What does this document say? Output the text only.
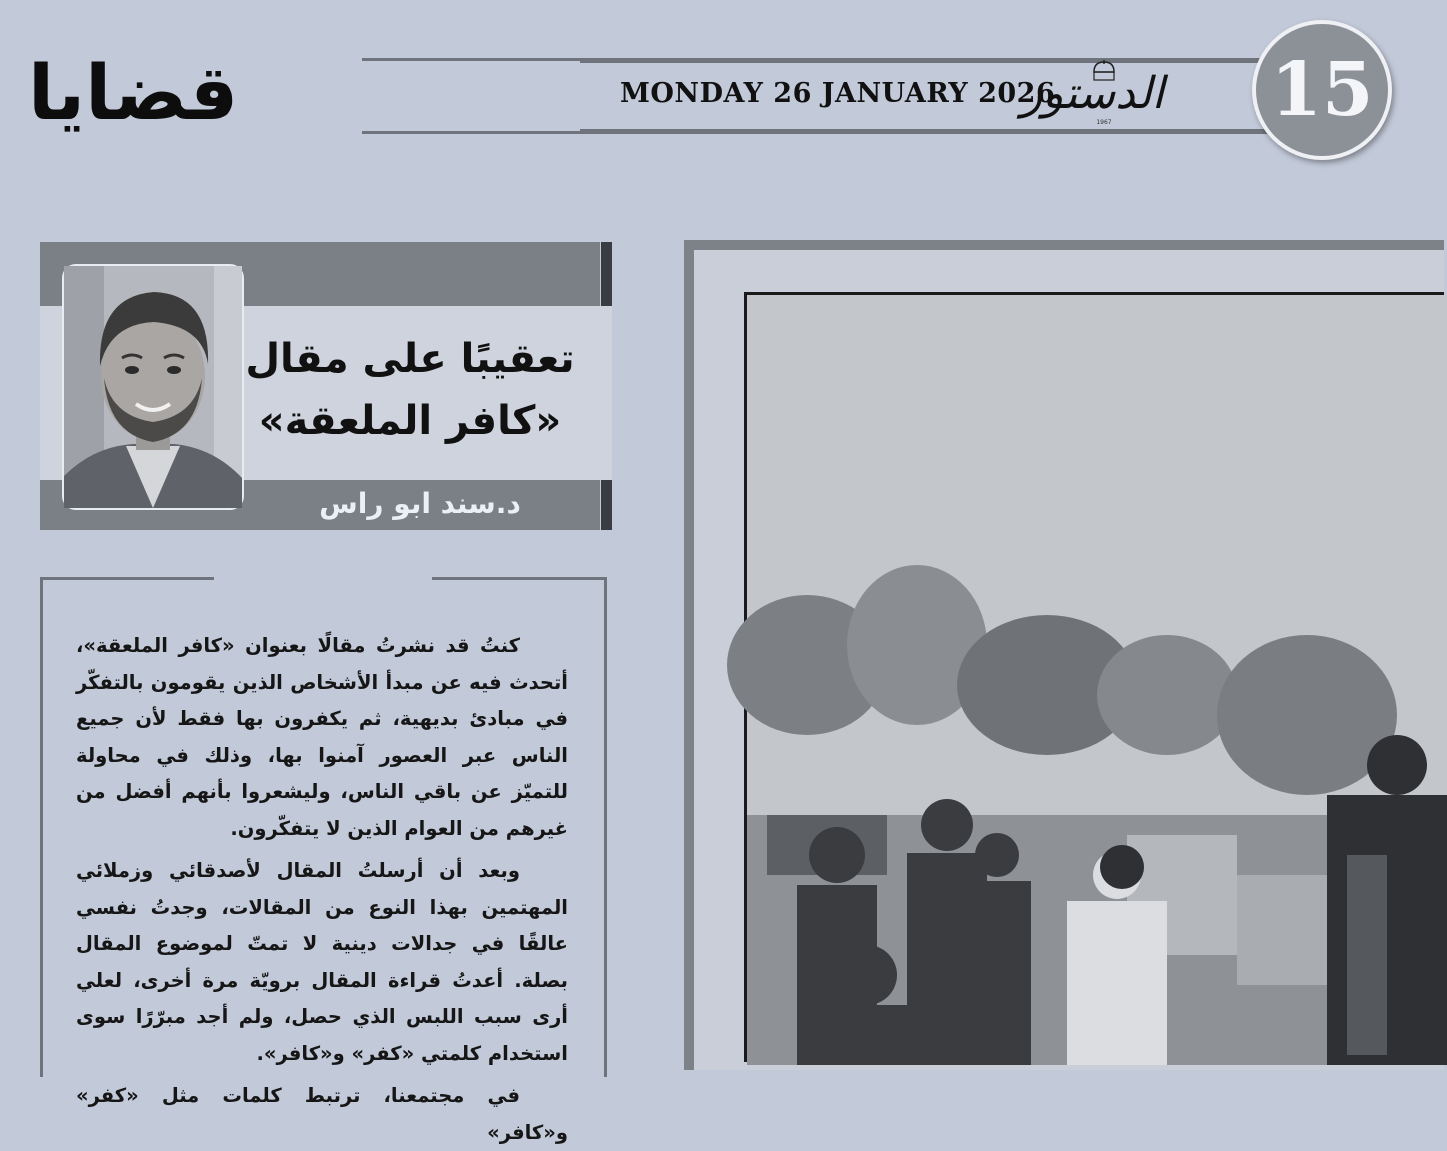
قضايا	MONDAY 26 JANUARY 2026
1967
الدستور 15
تعقيبًا على مقال
«كافر الملعقة»
د.سند ابو راس

كنتُ قد نشرتُ مقالًا بعنوان «كافر الملعقة»، أتحدث فيه عن مبدأ الأشخاص الذين يقومون بالتفكّر في مبادئ بديهية، ثم يكفرون بها فقط لأن جميع الناس عبر العصور آمنوا بها، وذلك في محاولة للتميّز عن باقي الناس، وليشعروا بأنهم أفضل من غيرهم من العوام الذين لا يتفكّرون.

وبعد أن أرسلتُ المقال لأصدقائي وزملائي المهتمين بهذا النوع من المقالات، وجدتُ نفسي عالقًا في جدالات دينية لا تمتّ لموضوع المقال بصلة. أعدتُ قراءة المقال برويّة مرة أخرى، لعلي أرى سبب اللبس الذي حصل، ولم أجد مبرّرًا سوى استخدام كلمتي «كفر» و«كافر».

في مجتمعنا، ترتبط كلمات مثل «كفر» و«كافر»
